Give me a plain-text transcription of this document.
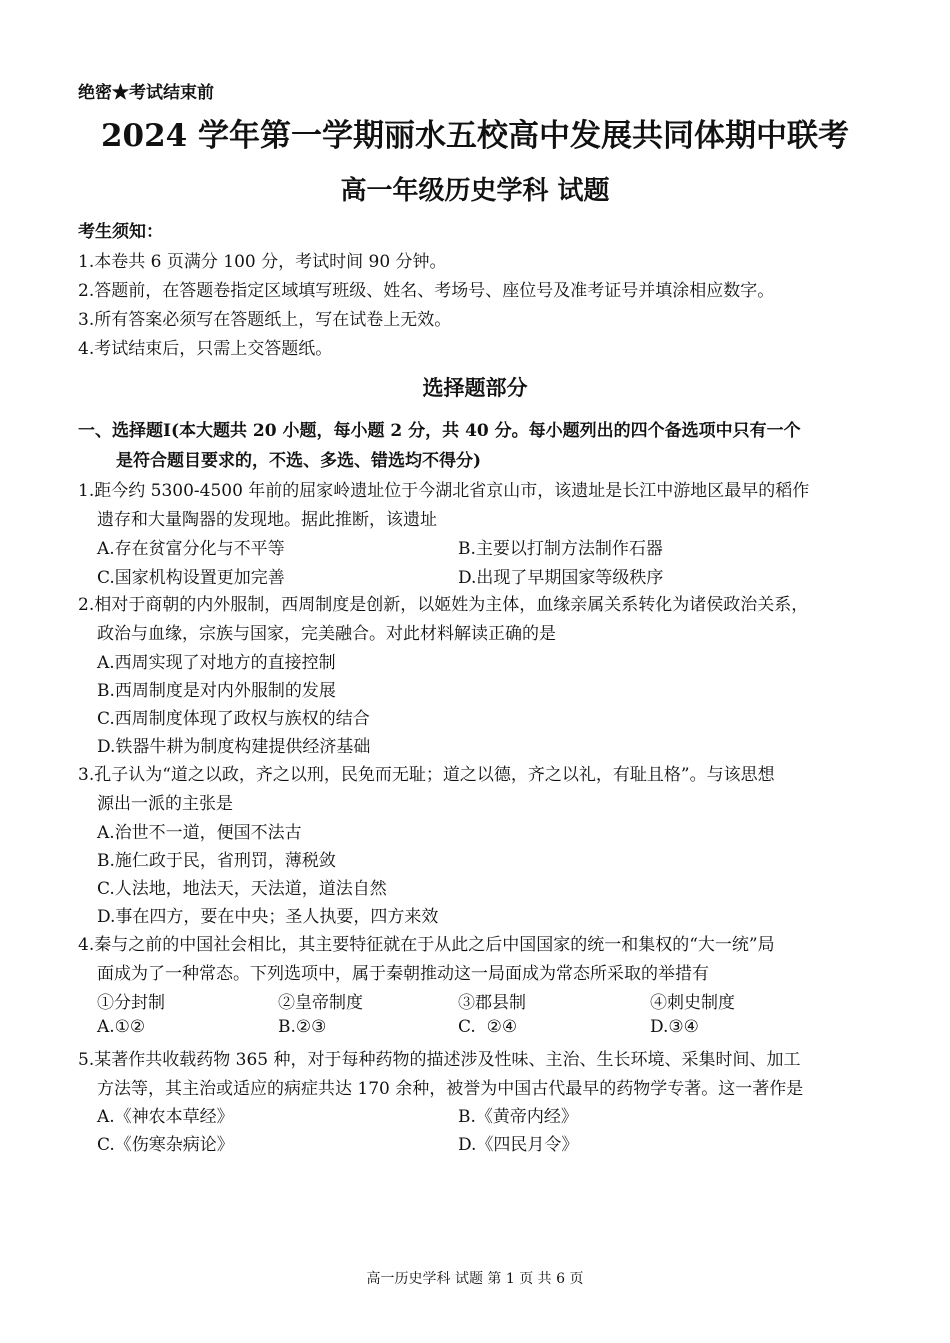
绝密★考试结束前
2024 学年第一学期丽水五校高中发展共同体期中联考
高一年级历史学科 试题
考生须知：
1.本卷共 6 页满分 100 分，考试时间 90 分钟。
2.答题前，在答题卷指定区域填写班级、姓名、考场号、座位号及准考证号并填涂相应数字。
3.所有答案必须写在答题纸上，写在试卷上无效。
4.考试结束后，只需上交答题纸。
选择题部分
一、选择题Ⅰ(本大题共 20 小题，每小题 2 分，共 40 分。每小题列出的四个备选项中只有一个
是符合题目要求的，不选、多选、错选均不得分)
1.距今约 5300-4500 年前的屈家岭遗址位于今湖北省京山市，该遗址是长江中游地区最早的稻作
遗存和大量陶器的发现地。据此推断，该遗址
A.存在贫富分化与不平等	B.主要以打制方法制作石器
C.国家机构设置更加完善	D.出现了早期国家等级秩序
2.相对于商朝的内外服制，西周制度是创新，以姬姓为主体，血缘亲属关系转化为诸侯政治关系，
政治与血缘，宗族与国家，完美融合。对此材料解读正确的是
A.西周实现了对地方的直接控制
B.西周制度是对内外服制的发展
C.西周制度体现了政权与族权的结合
D.铁器牛耕为制度构建提供经济基础
3.孔子认为“道之以政，齐之以刑，民免而无耻；道之以德，齐之以礼，有耻且格”。与该思想
源出一派的主张是
A.治世不一道，便国不法古
B.施仁政于民，省刑罚，薄税敛
C.人法地，地法天，天法道，道法自然
D.事在四方，要在中央；圣人执要，四方来效
4.秦与之前的中国社会相比，其主要特征就在于从此之后中国国家的统一和集权的“大一统”局
面成为了一种常态。下列选项中，属于秦朝推动这一局面成为常态所采取的举措有
①分封制	②皇帝制度	③郡县制	④刺史制度
A.①②	B.②③	C.  ②④	D.③④
5.某著作共收载药物 365 种，对于每种药物的描述涉及性味、主治、生长环境、采集时间、加工
方法等，其主治或适应的病症共达 170 余种，被誉为中国古代最早的药物学专著。这一著作是
A.《神农本草经》	B.《黄帝内经》
C.《伤寒杂病论》	D.《四民月令》
高一历史学科 试题 第 1 页 共 6 页
